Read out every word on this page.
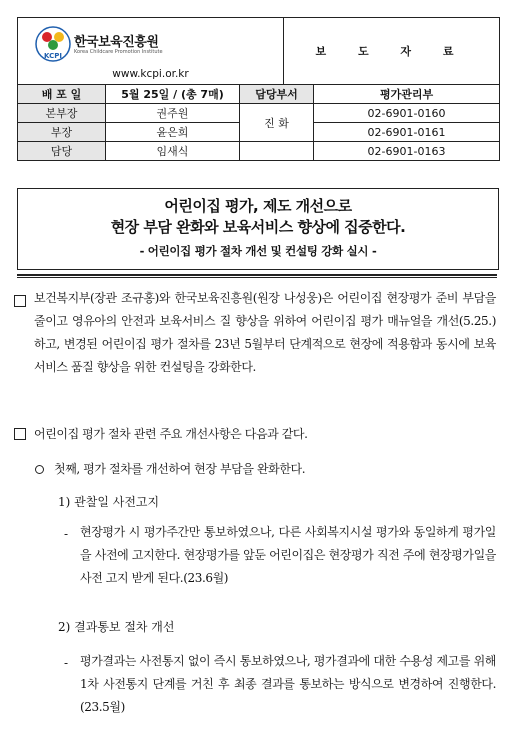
KCPI
한국보육진흥원
Korea Childcare Promotion Institute
www.kcpi.or.kr			보 도 자 료	
배 포 일	5월 25일 / (총 7매)	담당부서		평가관리부
본부장	권주원	진 화		02-6901-0160
부장	윤은희			02-6901-0161
담당	임새식			02-6901-0163
어린이집 평가, 제도 개선으로
현장 부담 완화와 보육서비스 향상에 집중한다.
- 어린이집 평가 절차 개선 및 컨설팅 강화 실시 -
보건복지부(장관 조규홍)와 한국보육진흥원(원장 나성웅)은 어린이집 현장평가 준비 부담을 줄이고 영유아의 안전과 보육서비스 질 향상을 위하여 어린이집 평가 매뉴얼을 개선(5.25.)하고, 변경된 어린이집 평가 절차를 23년 5월부터 단계적으로 현장에 적용함과 동시에 보육서비스 품질 향상을 위한 컨설팅을 강화한다.
어린이집 평가 절차 관련 주요 개선사항은 다음과 같다.
첫째, 평가 절차를 개선하여 현장 부담을 완화한다.
1) 관찰일 사전고지
- 현장평가 시 평가주간만 통보하였으나, 다른 사회복지시설 평가와 동일하게 평가일을 사전에 고지한다. 현장평가를 앞둔 어린이집은 현장평가 직전 주에 현장평가일을 사전 고지 받게 된다.(23.6월)
2) 결과통보 절차 개선
- 평가결과는 사전통지 없이 즉시 통보하였으나, 평가결과에 대한 수용성 제고를 위해 1차 사전통지 단계를 거친 후 최종 결과를 통보하는 방식으로 변경하여 진행한다.(23.5월)
